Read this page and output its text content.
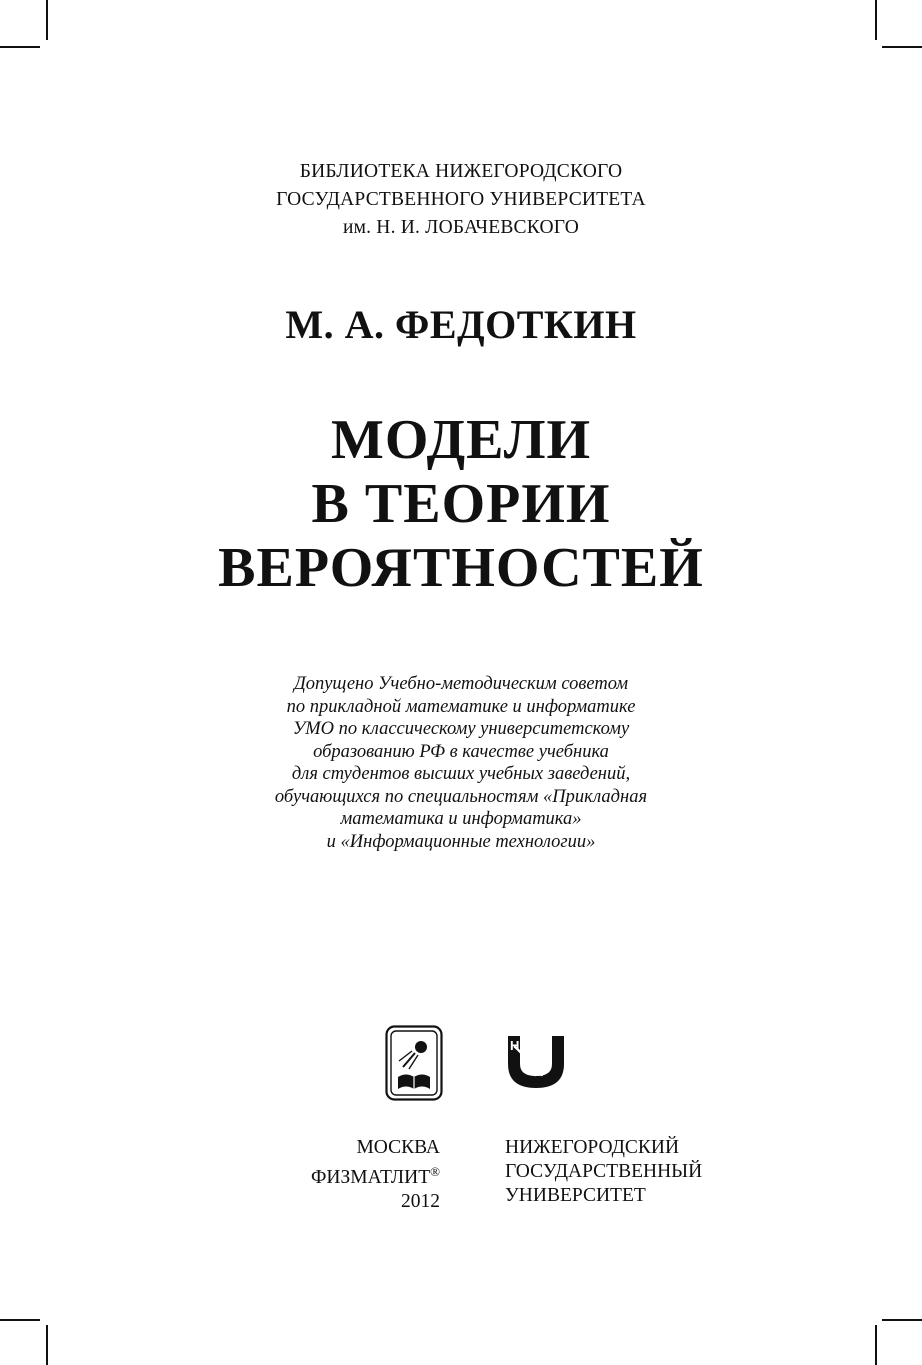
БИБЛИОТЕКА НИЖЕГОРОДСКОГО
ГОСУДАРСТВЕННОГО УНИВЕРСИТЕТА
им. Н. И. ЛОБАЧЕВСКОГО
М. А. ФЕДОТКИН
МОДЕЛИ
В ТЕОРИИ
ВЕРОЯТНОСТЕЙ
Допущено Учебно-методическим советом
по прикладной математике и информатике
УМО по классическому университетскому
образованию РФ в качестве учебника
для студентов высших учебных заведений,
обучающихся по специальностям «Прикладная
математика и информатика»
и «Информационные технологии»
ННГУ
МОСКВА
ФИЗМАТЛИТ®
2012
НИЖЕГОРОДСКИЙ
ГОСУДАРСТВЕННЫЙ
УНИВЕРСИТЕТ
